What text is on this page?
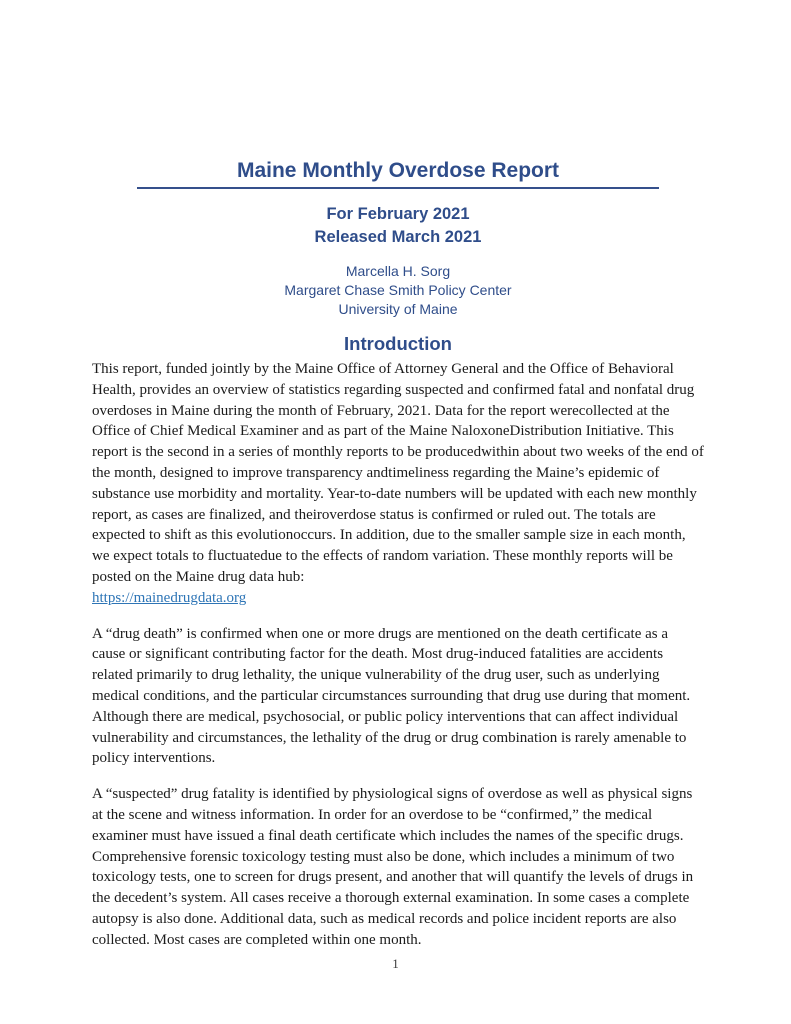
Maine Monthly Overdose Report
For February 2021
Released March 2021
Marcella H. Sorg
Margaret Chase Smith Policy Center
University of Maine
Introduction

This report, funded jointly by the Maine Office of Attorney General and the Office of Behavioral Health, provides an overview of statistics regarding suspected and confirmed fatal and nonfatal drug overdoses in Maine during the month of February, 2021. Data for the report werecollected at the Office of Chief Medical Examiner and as part of the Maine NaloxoneDistribution Initiative. This report is the second in a series of monthly reports to be producedwithin about two weeks of the end of the month, designed to improve transparency andtimeliness regarding the Maine’s epidemic of substance use morbidity and mortality. Year-to-date numbers will be updated with each new monthly report, as cases are finalized, and theiroverdose status is confirmed or ruled out. The totals are expected to shift as this evolutionoccurs. In addition, due to the smaller sample size in each month, we expect totals to fluctuatedue to the effects of random variation. These monthly reports will be posted on the Maine drug data hub:

https://mainedrugdata.org

A “drug death” is confirmed when one or more drugs are mentioned on the death certificate as a cause or significant contributing factor for the death. Most drug-induced fatalities are accidents related primarily to drug lethality, the unique vulnerability of the drug user, such as underlying medical conditions, and the particular circumstances surrounding that drug use during that moment. Although there are medical, psychosocial, or public policy interventions that can affect individual vulnerability and circumstances, the lethality of the drug or drug combination is rarely amenable to policy interventions.

A “suspected” drug fatality is identified by physiological signs of overdose as well as physical signs at the scene and witness information. In order for an overdose to be “confirmed,” the medical examiner must have issued a final death certificate which includes the names of the specific drugs. Comprehensive forensic toxicology testing must also be done, which includes a minimum of two toxicology tests, one to screen for drugs present, and another that will quantify the levels of drugs in the decedent’s system. All cases receive a thorough external examination. In some cases a complete autopsy is also done. Additional data, such as medical records and police incident reports are also collected. Most cases are completed within one month.

1
